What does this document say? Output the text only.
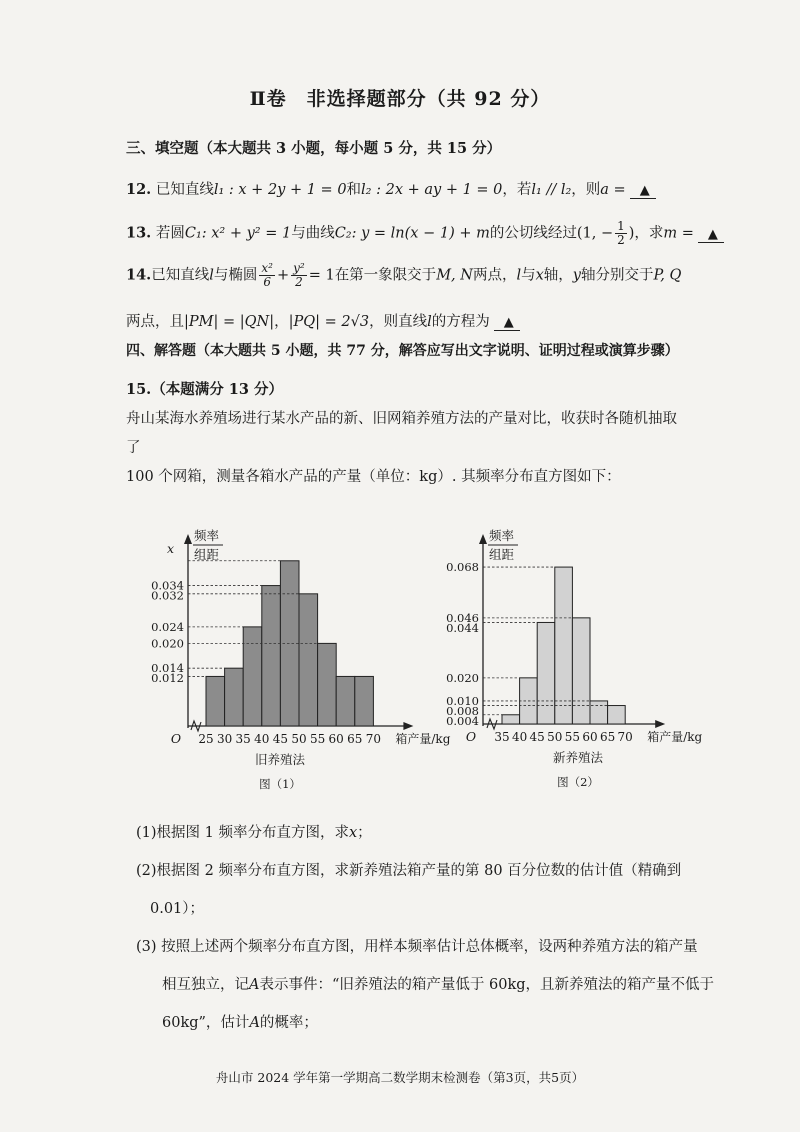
Ⅱ卷　非选择题部分（共 92 分）
三、填空题（本大题共 3 小题，每小题 5 分，共 15 分）
12. 已知直线l₁ : x + 2y + 1 = 0和l₂ : 2x + ay + 1 = 0，若l₁ // l₂，则a = ▲
13. 若圆C₁: x² + y² = 1与曲线C₂: y = ln(x − 1) + m的公切线经过(1, − $\frac{1}{2}$ )，求m = ▲
14.已知直线l与椭圆 $\frac{\text{x²}}{6} + \frac{\text{y²}}{2} = 1$在第一象限交于M, N两点，l与x轴，y轴分别交于P, Q
两点，且|PM| = |QN|，|PQ| = 2√3，则直线l的方程为 ▲
四、解答题（本大题共 5 小题，共 77 分，解答应写出文字说明、证明过程或演算步骤）
15.（本题满分 13 分）
舟山某海水养殖场进行某水产品的新、旧网箱养殖方法的产量对比，收获时各随机抽取了
100 个网箱，测量各箱水产品的产量（单位：kg）. 其频率分布直方图如下：
频率
组距
0.034
0.032
0.024
0.020
0.014
0.012
x
25 30 35 40 45 50 55 60 65 70
O	箱产量/kg
旧养殖法
图（1）
频率
组距
0.068
0.046
0.044
0.020
0.010
0.008
0.004
35 40 45 50 55 60 65 70
O	箱产量/kg
新养殖法
图（2）
(1)根据图 1 频率分布直方图，求x；
(2)根据图 2 频率分布直方图，求新养殖法箱产量的第 80 百分位数的估计值（精确到
0.01）；
(3) 按照上述两个频率分布直方图，用样本频率估计总体概率，设两种养殖方法的箱产量
相互独立，记A表示事件：“旧养殖法的箱产量低于 60kg，且新养殖法的箱产量不低于
60kg”，估计A的概率；
舟山市 2024 学年第一学期高二数学期末检测卷（第3页，共5页）
